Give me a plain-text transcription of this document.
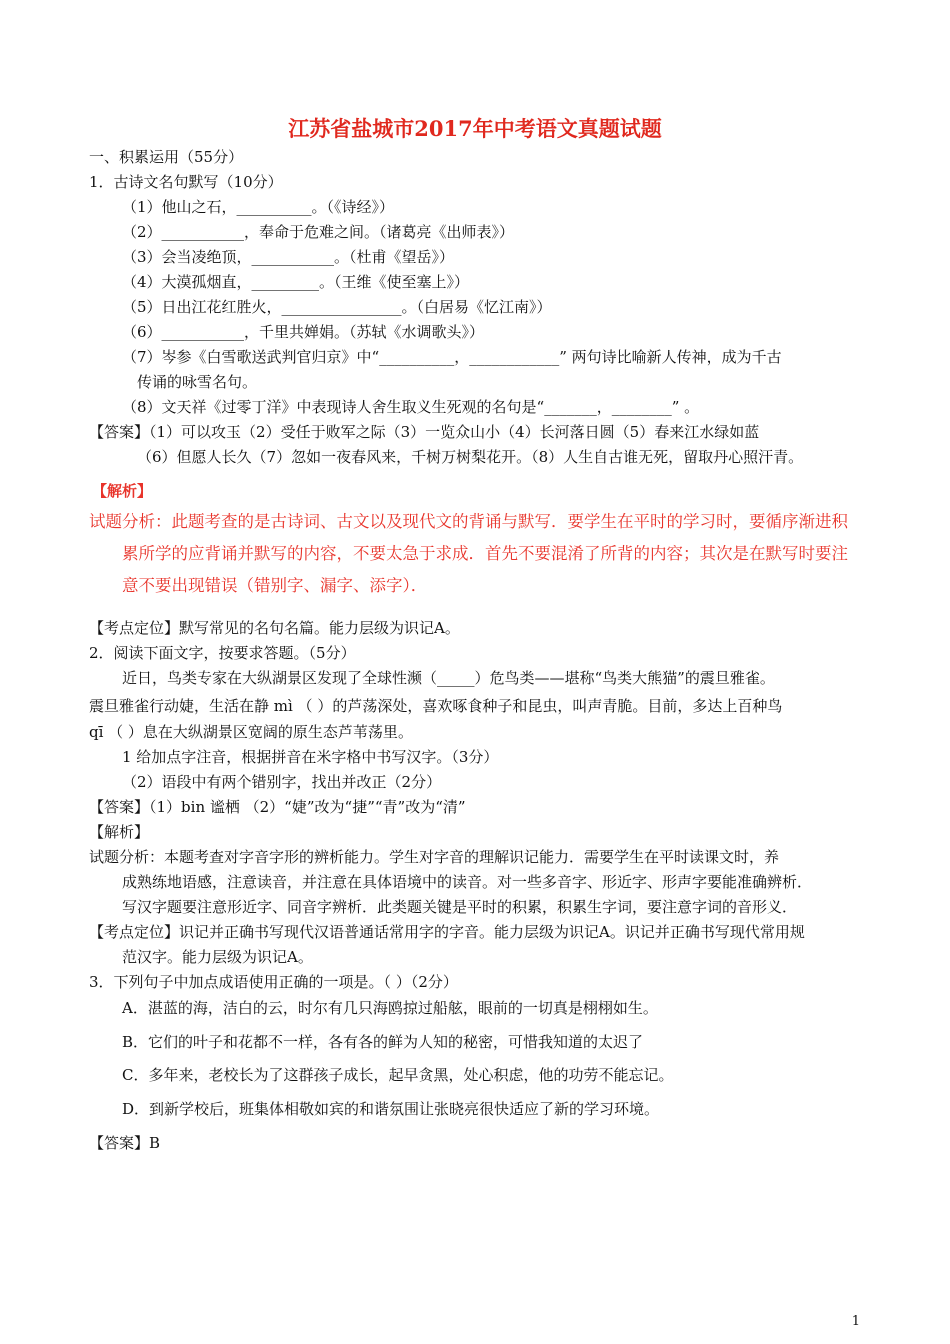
江苏省盐城市2017年中考语文真题试题
一、积累运用（55分）
1．古诗文名句默写（10分）
（1）他山之石，__________。（《诗经》）
（2）___________，奉命于危难之间。（诸葛亮《出师表》）
（3）会当凌绝顶，___________。（杜甫《望岳》）
（4）大漠孤烟直，_________。（王维《使至塞上》）
（5）日出江花红胜火，________________。（白居易《忆江南》）
（6）___________，千里共婵娟。（苏轼《水调歌头》）
（7）岑参《白雪歌送武判官归京》中“__________，____________” 两句诗比喻新人传神，成为千古
传诵的咏雪名句。
（8）文天祥《过零丁洋》中表现诗人舍生取义生死观的名句是“_______，________” 。
【答案】（1）可以攻玉（2）受任于败军之际（3）一览众山小（4）长河落日圆（5）春来江水绿如蓝
（6）但愿人长久（7）忽如一夜春风来，千树万树梨花开。（8）人生自古谁无死，留取丹心照汗青。
【解析】
试题分析：此题考查的是古诗词、古文以及现代文的背诵与默写．要学生在平时的学习时，要循序渐进积
累所学的应背诵并默写的内容，不要太急于求成．首先不要混淆了所背的内容；其次是在默写时要注
意不要出现错误（错别字、漏字、添字）．
【考点定位】默写常见的名句名篇。能力层级为识记A。
2．阅读下面文字，按要求答题。（5分）
近日，鸟类专家在大纵湖景区发现了全球性濒（_____）危鸟类——堪称“鸟类大熊猫”的震旦雅雀。
震旦雅雀行动婕，生活在静 mì （ ）的芦荡深处，喜欢啄食种子和昆虫，叫声青脆。目前，多达上百种鸟
qī （ ）息在大纵湖景区宽阔的原生态芦苇荡里。
1 给加点字注音，根据拼音在米字格中书写汉字。（3分）
（2）语段中有两个错别字，找出并改正（2分）
【答案】（1）bin 谧栖 （2）“婕”改为“捷”“青”改为“清”
【解析】
试题分析：本题考查对字音字形的辨析能力。学生对字音的理解识记能力．需要学生在平时读课文时，养
成熟练地语感，注意读音，并注意在具体语境中的读音。对一些多音字、形近字、形声字要能准确辨析．
写汉字题要注意形近字、同音字辨析．此类题关键是平时的积累，积累生字词，要注意字词的音形义．
【考点定位】识记并正确书写现代汉语普通话常用字的字音。能力层级为识记A。识记并正确书写现代常用规
范汉字。能力层级为识记A。
3．下列句子中加点成语使用正确的一项是。（ ）（2分）
A．湛蓝的海，洁白的云，时尔有几只海鸥掠过船舷，眼前的一切真是栩栩如生。
B．它们的叶子和花都不一样，各有各的鲜为人知的秘密，可惜我知道的太迟了
C．多年来，老校长为了这群孩子成长，起早贪黑，处心积虑，他的功劳不能忘记。
D．到新学校后，班集体相敬如宾的和谐氛围让张晓亮很快适应了新的学习环境。
【答案】B
1
